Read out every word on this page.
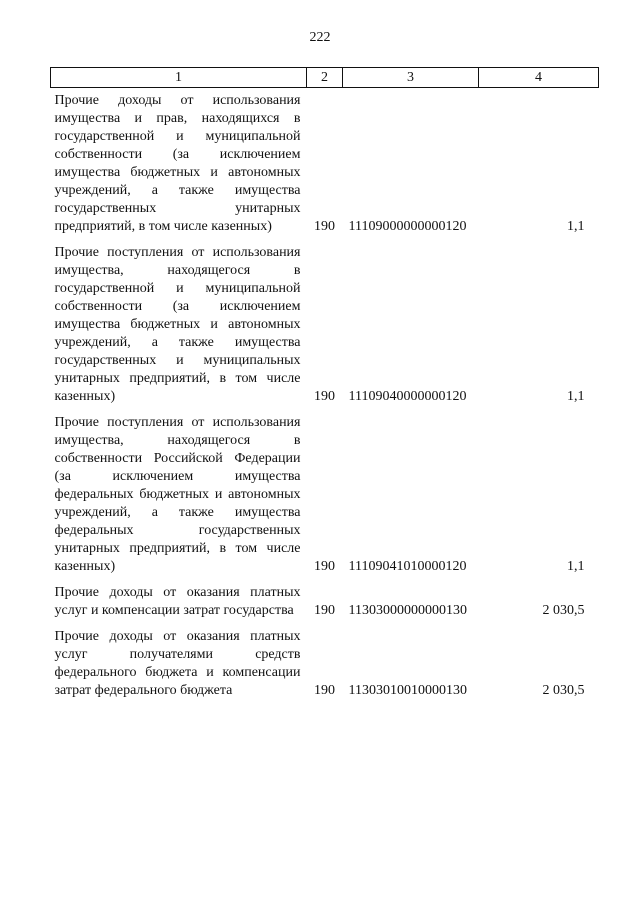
222
1	2	3	4
Прочие доходы от использования имущества и прав, находящихся в государственной и муниципальной собственности (за исключением имущества бюджетных и автономных учреждений, а также имущества государственных унитарных предприятий, в том числе казенных)	190	11109000000000120	1,1
Прочие поступления от использования имущества, находящегося в государственной и муниципальной собственности (за исключением имущества бюджетных и автономных учреждений, а также имущества государственных и муниципальных унитарных предприятий, в том числе казенных)	190	11109040000000120	1,1
Прочие поступления от использования имущества, находящегося в собственности Российской Федерации (за исключением имущества федеральных бюджетных и автономных учреждений, а также имущества федеральных государственных унитарных предприятий, в том числе казенных)	190	11109041010000120	1,1
Прочие доходы от оказания платных услуг и компенсации затрат государства	190	11303000000000130	2 030,5
Прочие доходы от оказания платных услуг получателями средств федерального бюджета и компенсации затрат федерального бюджета	190	11303010010000130	2 030,5
